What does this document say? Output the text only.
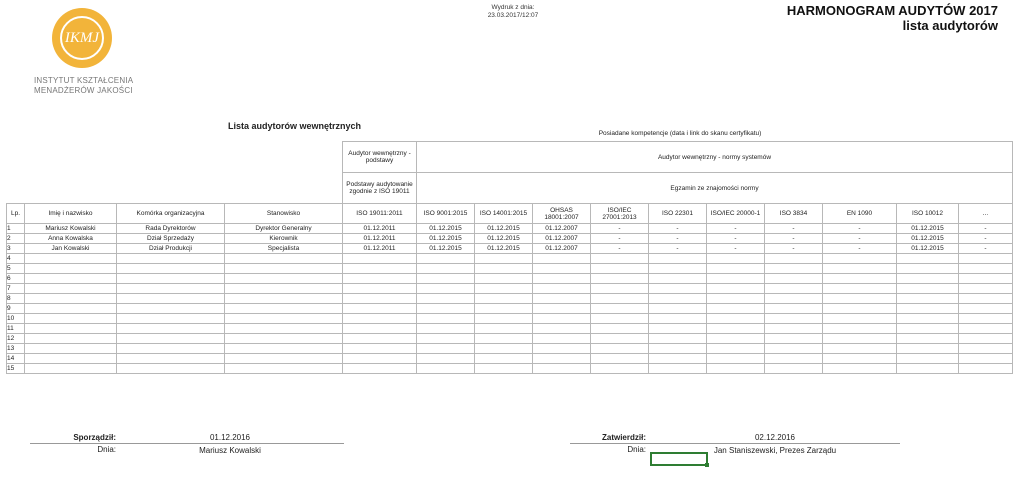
IKMJ
INSTYTUT KSZTAŁCENIA
MENADŻERÓW JAKOŚCI
Wydruk z dnia:
23.03.2017/12:07	HARMONOGRAM AUDYTÓW 2017
lista audytorów
Lista audytorów wewnętrznych
Posiadane kompetencje (data i link do skanu certyfikatu)
				Audytor wewnętrzny - podstawy	Audytor wewnętrzny - normy systemów									
				Podstawy audytowanie zgodnie z ISO 19011	Egzamin ze znajomości normy									
Lp.	Imię i nazwisko	Komórka organizacyjna	Stanowisko	ISO 19011:2011	ISO 9001:2015	ISO 14001:2015	OHSAS 18001:2007	ISO/IEC 27001:2013	ISO 22301	ISO/IEC 20000-1	ISO 3834	EN 1090	ISO 10012	...
1	Mariusz Kowalski	Rada Dyrektorów	Dyrektor Generalny	01.12.2011	01.12.2015	01.12.2015	01.12.2007	-	-	-	-	-	01.12.2015	-
2	Anna Kowalska	Dział Sprzedaży	Kierownik	01.12.2011	01.12.2015	01.12.2015	01.12.2007	-	-	-	-	-	01.12.2015	-
3	Jan Kowalski	Dział Produkcji	Specjalista	01.12.2011	01.12.2015	01.12.2015	01.12.2007	-	-	-	-	-	01.12.2015	-
4														
5														
6														
7														
8														
9														
10														
11														
12														
13														
14														
15														
Sporządził:	01.12.2016
Dnia:	Mariusz Kowalski
Zatwierdził:	02.12.2016
Dnia:	Jan Staniszewski, Prezes Zarządu
